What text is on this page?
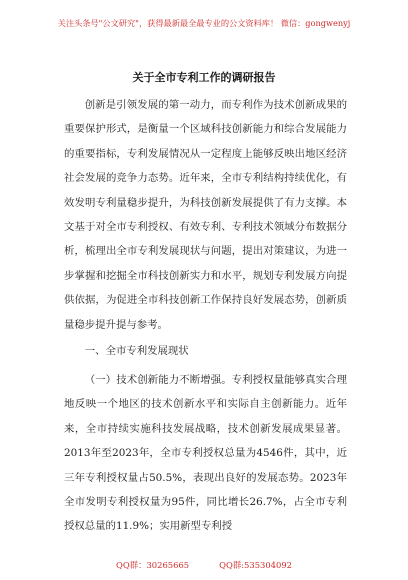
关注头条号"公文研究"，获得最新最全最专业的公文资料库！ 微信：gongwenyj
关于全市专利工作的调研报告
创新是引领发展的第一动力，而专利作为技术创新成果的重要保护形式，是衡量一个区域科技创新能力和综合发展能力的重要指标，专利发展情况从一定程度上能够反映出地区经济社会发展的竞争力态势。近年来，全市专利结构持续优化，有效发明专利量稳步提升，为科技创新发展提供了有力支撑。本文基于对全市专利授权、有效专利、专利技术领域分布数据分析，梳理出全市专利发展现状与问题，提出对策建议，为进一步掌握和挖掘全市科技创新实力和水平，规划专利发展方向提供依据，为促进全市科技创新工作保持良好发展态势，创新质量稳步提升提与参考。
一、全市专利发展现状
（一）技术创新能力不断增强。专利授权量能够真实合理地反映一个地区的技术创新水平和实际自主创新能力。近年来，全市持续实施科技发展战略，技术创新发展成果显著。2013年至2023年，全市专利授权总量为4546件，其中，近三年专利授权量占50.5%，表现出良好的发展态势。2023年全市发明专利授权量为95件，同比增长26.7%，占全市专利授权总量的11.9%；实用新型专利授
QQ群：30265665	QQ群:535304092
